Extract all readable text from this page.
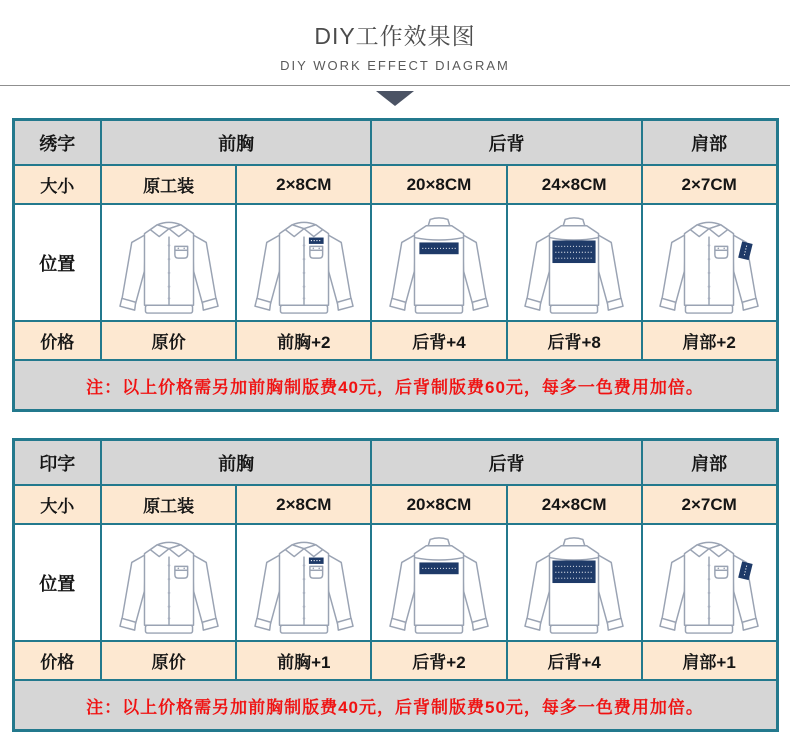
DIY工作效果图
DIY WORK EFFECT DIAGRAM
绣字	前胸		后背		肩部
大小	原工装	2×8CM	20×8CM	24×8CM	2×7CM
位置	

价格	原价	前胸+2	后背+4	后背+8	肩部+2
注：以上价格需另加前胸制版费40元，后背制版费60元，每多一色费用加倍。					
印字	前胸		后背		肩部
大小	原工装	2×8CM	20×8CM	24×8CM	2×7CM
位置	

价格	原价	前胸+1	后背+2	后背+4	肩部+1
注：以上价格需另加前胸制版费40元，后背制版费50元，每多一色费用加倍。					
